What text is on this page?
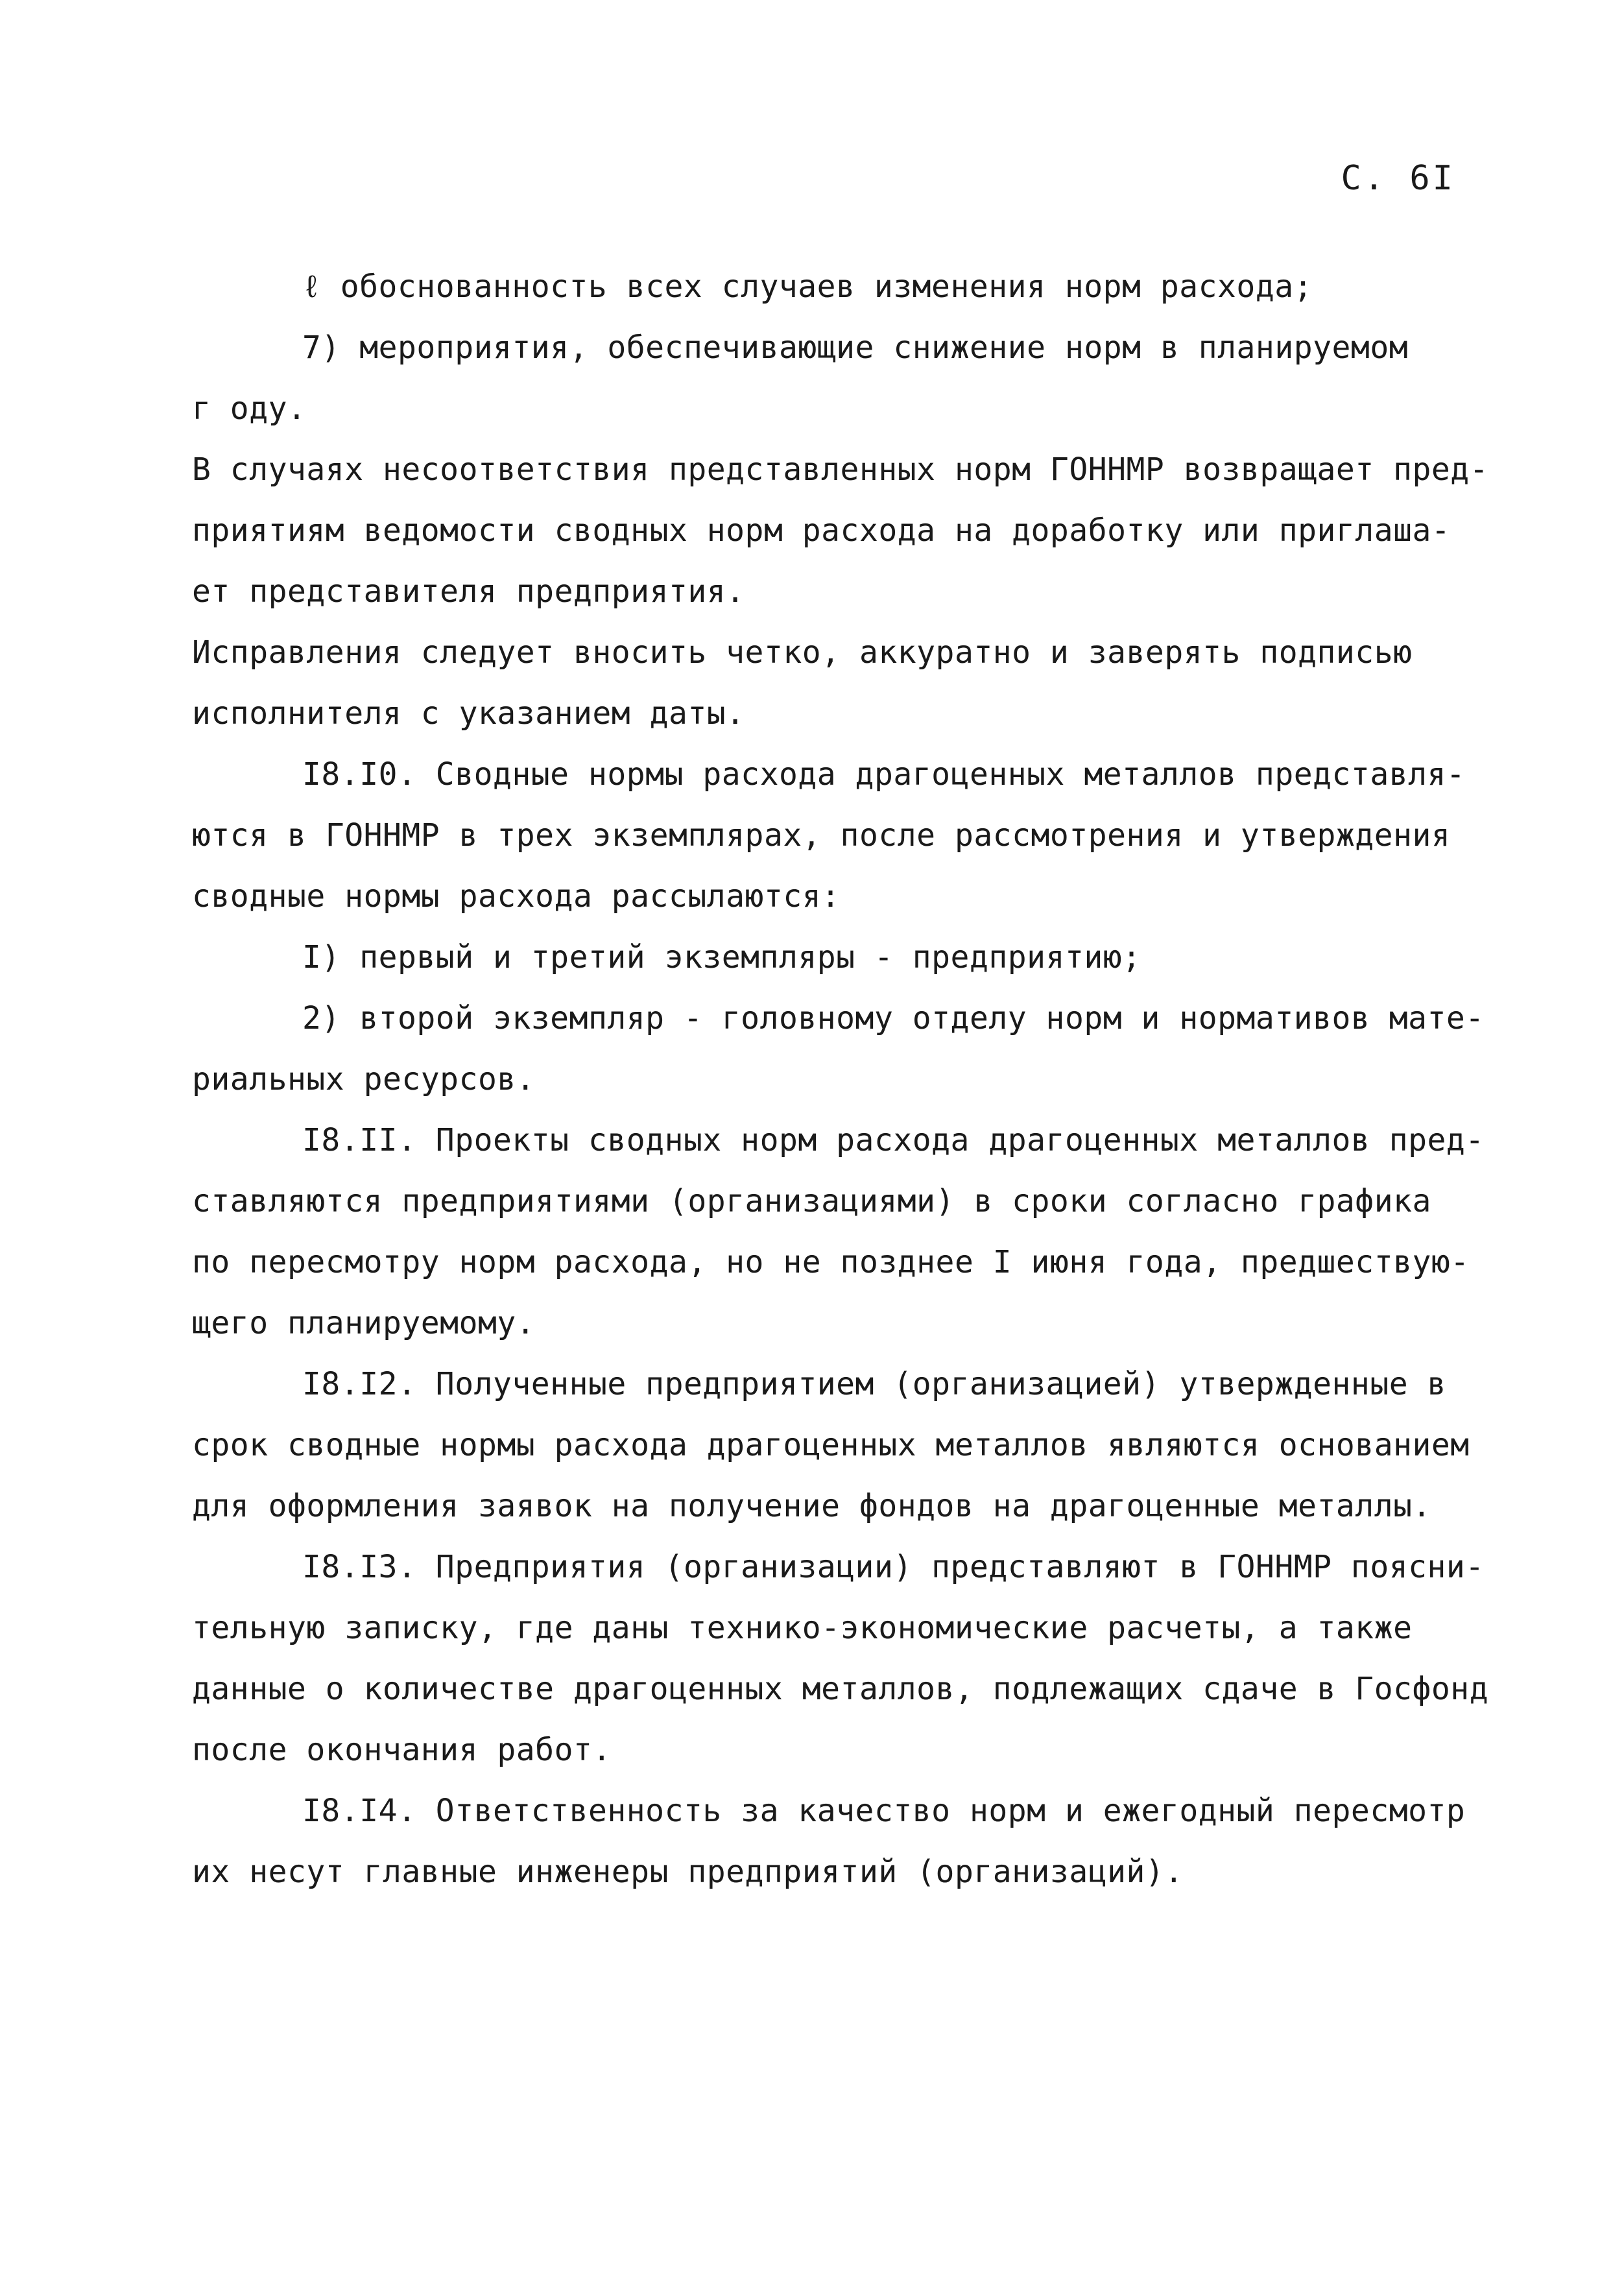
С. 6I
ℓ обоснованность всех случаев изменения норм расхода;
7) мероприятия, обеспечивающие снижение норм в планируемом
г оду.
В случаях несоответствия представленных норм ГОННМР возвращает пред-
приятиям ведомости сводных норм расхода на доработку или приглаша-
ет представителя предприятия.
Исправления следует вносить четко, аккуратно и заверять подписью
исполнителя с указанием даты.
I8.I0. Сводные нормы расхода драгоценных металлов представля-
ются в ГОННМР в трех экземплярах, после рассмотрения и утверждения
сводные нормы расхода рассылаются:
I) первый и третий экземпляры - предприятию;
2) второй экземпляр - головному отделу норм и нормативов мате-
риальных ресурсов.
I8.II. Проекты сводных норм расхода драгоценных металлов пред-
ставляются предприятиями (организациями) в сроки согласно графика
по пересмотру норм расхода, но не позднее I июня года, предшествую-
щего планируемому.
I8.I2. Полученные предприятием (организацией) утвержденные в
срок сводные нормы расхода драгоценных металлов являются основанием
для оформления заявок на получение фондов на драгоценные металлы.
I8.I3. Предприятия (организации) представляют в ГОННМР поясни-
тельную записку, где даны технико-экономические расчеты, а также
данные о количестве драгоценных металлов, подлежащих сдаче в Госфонд
после окончания работ.
I8.I4. Ответственность за качество норм и ежегодный пересмотр
их несут главные инженеры предприятий (организаций).
